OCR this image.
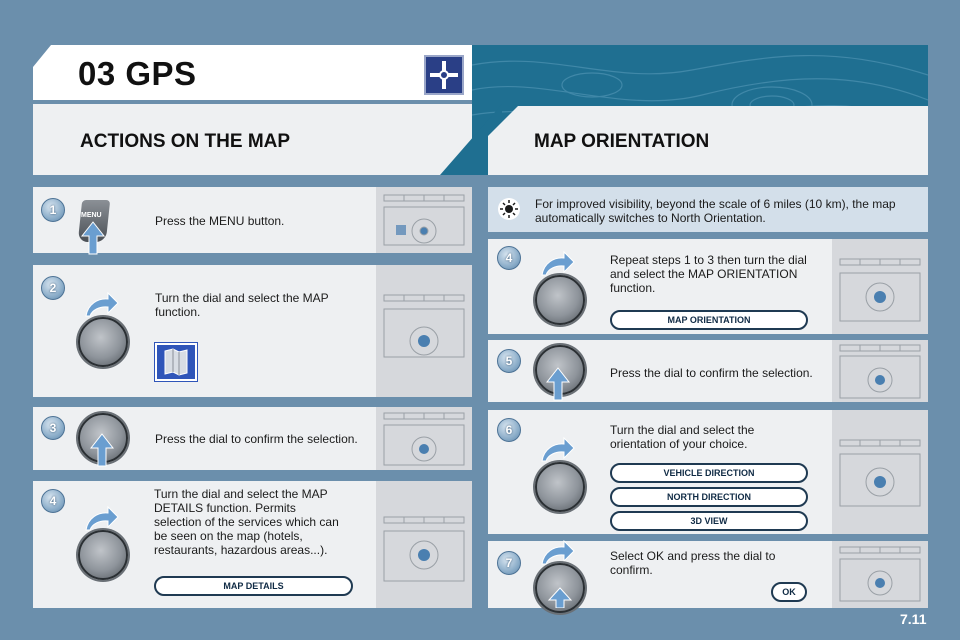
03 GPS
ACTIONS ON THE MAP	MAP ORIENTATION
1	MENU	Press the MENU button.
2
Turn the dial and select the MAP function.
3
Press the dial to confirm the selection.
4	Turn the dial and select the MAP DETAILS function. Permits selection of the services which can be seen on the map (hotels, restaurants, hazardous areas...).
MAP DETAILS
For improved visibility, beyond the scale of 6 miles (10 km), the map automatically switches to North Orientation.
4	Repeat steps 1 to 3 then turn the dial and select the MAP ORIENTATION function.
MAP ORIENTATION
5
Press the dial to confirm the selection.
6	Turn the dial and select the orientation of your choice.
VEHICLE DIRECTION
NORTH DIRECTION
3D VIEW
7	Select OK and press the dial to confirm.
OK
7.11
